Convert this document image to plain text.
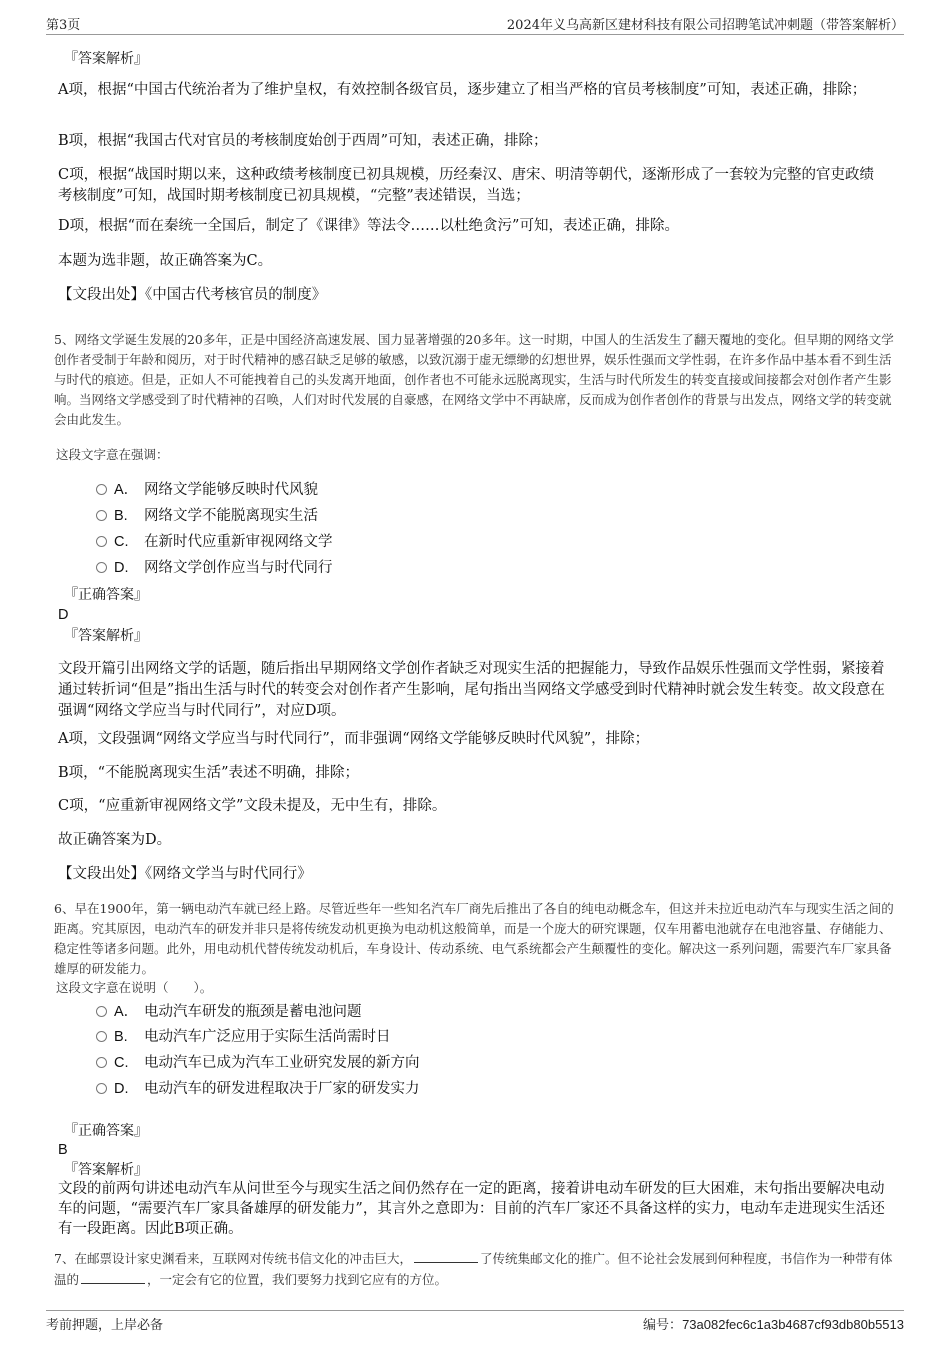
第3页	2024年义乌高新区建材科技有限公司招聘笔试冲刺题（带答案解析）
『答案解析』
A项，根据“中国古代统治者为了维护皇权，有效控制各级官员，逐步建立了相当严格的官员考核制度”可知，表述正确，排除；
B项，根据“我国古代对官员的考核制度始创于西周”可知，表述正确，排除；
C项，根据“战国时期以来，这种政绩考核制度已初具规模，历经秦汉、唐宋、明清等朝代，逐渐形成了一套较为完整的官吏政绩考核制度”可知，战国时期考核制度已初具规模，“完整”表述错误，当选；
D项，根据“而在秦统一全国后，制定了《课律》等法令……以杜绝贪污”可知，表述正确，排除。
本题为选非题，故正确答案为C。
【文段出处】《中国古代考核官员的制度》
5、网络文学诞生发展的20多年，正是中国经济高速发展、国力显著增强的20多年。这一时期，中国人的生活发生了翻天覆地的变化。但早期的网络文学创作者受制于年龄和阅历，对于时代精神的感召缺乏足够的敏感，以致沉溺于虚无缥缈的幻想世界，娱乐性强而文学性弱，在许多作品中基本看不到生活与时代的痕迹。但是，正如人不可能拽着自己的头发离开地面，创作者也不可能永远脱离现实，生活与时代所发生的转变直接或间接都会对创作者产生影响。当网络文学感受到了时代精神的召唤，人们对时代发展的自豪感，在网络文学中不再缺席，反而成为创作者创作的背景与出发点，网络文学的转变就会由此发生。
这段文字意在强调：
A． 网络文学能够反映时代风貌
B. 网络文学不能脱离现实生活
C. 在新时代应重新审视网络文学
D. 网络文学创作应当与时代同行
『正确答案』
D
『答案解析』
文段开篇引出网络文学的话题，随后指出早期网络文学创作者缺乏对现实生活的把握能力，导致作品娱乐性强而文学性弱，紧接着通过转折词“但是”指出生活与时代的转变会对创作者产生影响，尾句指出当网络文学感受到时代精神时就会发生转变。故文段意在强调“网络文学应当与时代同行”，对应D项。
A项，文段强调“网络文学应当与时代同行”，而非强调“网络文学能够反映时代风貌”，排除；
B项，“不能脱离现实生活”表述不明确，排除；
C项，“应重新审视网络文学”文段未提及，无中生有，排除。
故正确答案为D。
【文段出处】《网络文学当与时代同行》
6、早在1900年，第一辆电动汽车就已经上路。尽管近些年一些知名汽车厂商先后推出了各自的纯电动概念车，但这并未拉近电动汽车与现实生活之间的距离。究其原因，电动汽车的研发并非只是将传统发动机更换为电动机这般简单，而是一个庞大的研究课题，仅车用蓄电池就存在电池容量、存储能力、稳定性等诸多问题。此外，用电动机代替传统发动机后，车身设计、传动系统、电气系统都会产生颠覆性的变化。解决这一系列问题，需要汽车厂家具备雄厚的研发能力。
这段文字意在说明（　　）。
A． 电动汽车研发的瓶颈是蓄电池问题
B. 电动汽车广泛应用于实际生活尚需时日
C. 电动汽车已成为汽车工业研究发展的新方向
D. 电动汽车的研发进程取决于厂家的研发实力
『正确答案』
B
『答案解析』
文段的前两句讲述电动汽车从问世至今与现实生活之间仍然存在一定的距离，接着讲电动车研发的巨大困难，末句指出要解决电动车的问题，“需要汽车厂家具备雄厚的研发能力”，其言外之意即为：目前的汽车厂家还不具备这样的实力，电动车走进现实生活还有一段距离。因此B项正确。
7、在邮票设计家史渊看来，互联网对传统书信文化的冲击巨大，	了传统集邮文化的推广。但不论社会发展到何种程度，书信作为一种带有体温的	，一定会有它的位置，我们要努力找到它应有的方位。
考前押题，上岸必备	编号：73a082fec6c1a3b4687cf93db80b5513
